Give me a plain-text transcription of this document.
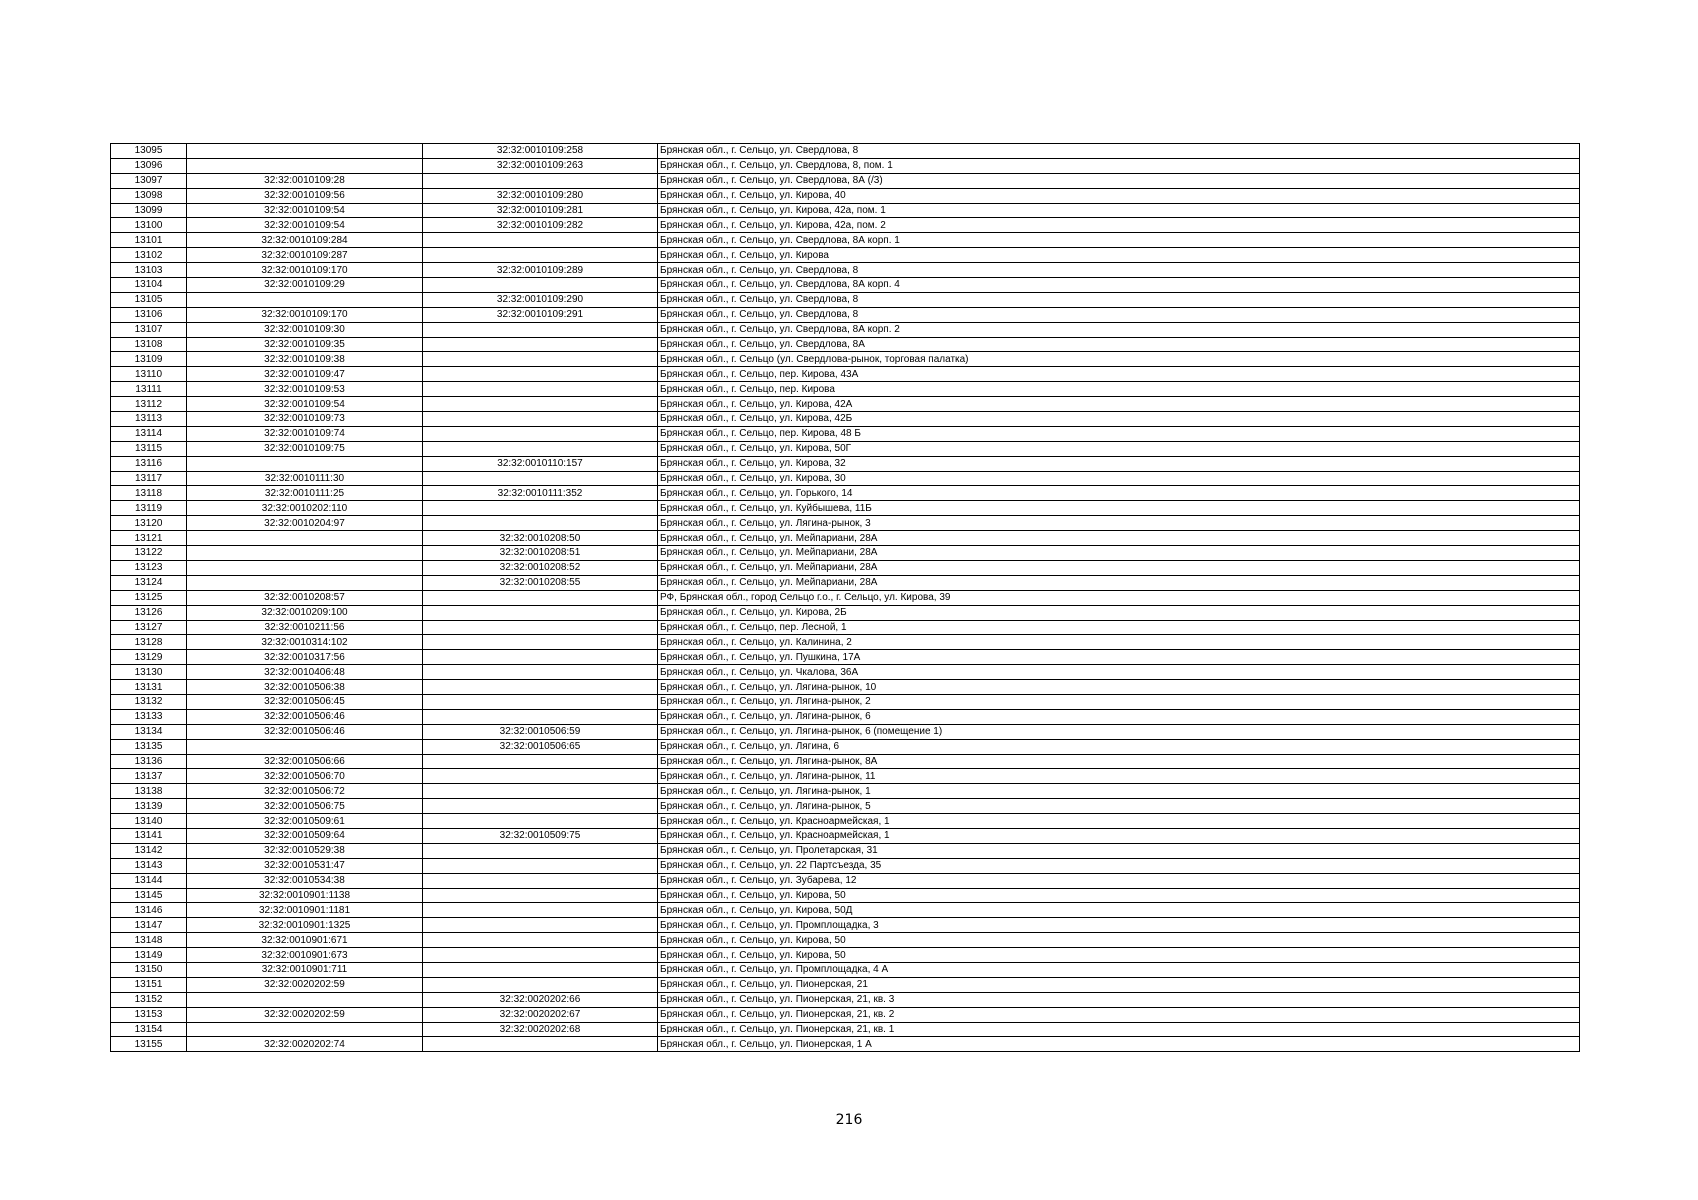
13095		32:32:0010109:258	Брянская обл., г. Сельцо, ул. Свердлова, 8
13096		32:32:0010109:263	Брянская обл., г. Сельцо, ул. Свердлова, 8, пом. 1
13097	32:32:0010109:28		Брянская обл., г. Сельцо, ул. Свердлова, 8А (/3)
13098	32:32:0010109:56	32:32:0010109:280	Брянская обл., г. Сельцо, ул. Кирова, 40
13099	32:32:0010109:54	32:32:0010109:281	Брянская обл., г. Сельцо, ул. Кирова, 42а, пом. 1
13100	32:32:0010109:54	32:32:0010109:282	Брянская обл., г. Сельцо, ул. Кирова, 42а, пом. 2
13101	32:32:0010109:284		Брянская обл., г. Сельцо, ул. Свердлова, 8А корп. 1
13102	32:32:0010109:287		Брянская обл., г. Сельцо, ул. Кирова
13103	32:32:0010109:170	32:32:0010109:289	Брянская обл., г. Сельцо, ул. Свердлова, 8
13104	32:32:0010109:29		Брянская обл., г. Сельцо, ул. Свердлова, 8А корп. 4
13105		32:32:0010109:290	Брянская обл., г. Сельцо, ул. Свердлова, 8
13106	32:32:0010109:170	32:32:0010109:291	Брянская обл., г. Сельцо, ул. Свердлова, 8
13107	32:32:0010109:30		Брянская обл., г. Сельцо, ул. Свердлова, 8А корп. 2
13108	32:32:0010109:35		Брянская обл., г. Сельцо, ул. Свердлова, 8А
13109	32:32:0010109:38		Брянская обл., г. Сельцо (ул. Свердлова-рынок, торговая палатка)
13110	32:32:0010109:47		Брянская обл., г. Сельцо, пер. Кирова, 43А
13111	32:32:0010109:53		Брянская обл., г. Сельцо, пер. Кирова
13112	32:32:0010109:54		Брянская обл., г. Сельцо, ул. Кирова, 42А
13113	32:32:0010109:73		Брянская обл., г. Сельцо, ул. Кирова, 42Б
13114	32:32:0010109:74		Брянская обл., г. Сельцо, пер. Кирова, 48 Б
13115	32:32:0010109:75		Брянская обл., г. Сельцо, ул. Кирова, 50Г
13116		32:32:0010110:157	Брянская обл., г. Сельцо, ул. Кирова, 32
13117	32:32:0010111:30		Брянская обл., г. Сельцо, ул. Кирова, 30
13118	32:32:0010111:25	32:32:0010111:352	Брянская обл., г. Сельцо, ул. Горького, 14
13119	32:32:0010202:110		Брянская обл., г. Сельцо, ул. Куйбышева, 11Б
13120	32:32:0010204:97		Брянская обл., г. Сельцо, ул. Лягина-рынок, 3
13121		32:32:0010208:50	Брянская обл., г. Сельцо, ул. Мейпариани, 28А
13122		32:32:0010208:51	Брянская обл., г. Сельцо, ул. Мейпариани, 28А
13123		32:32:0010208:52	Брянская обл., г. Сельцо, ул. Мейпариани, 28А
13124		32:32:0010208:55	Брянская обл., г. Сельцо, ул. Мейпариани, 28А
13125	32:32:0010208:57		РФ, Брянская обл., город Сельцо г.о., г. Сельцо, ул. Кирова, 39
13126	32:32:0010209:100		Брянская обл., г. Сельцо, ул. Кирова, 2Б
13127	32:32:0010211:56		Брянская обл., г. Сельцо, пер. Лесной, 1
13128	32:32:0010314:102		Брянская обл., г. Сельцо, ул. Калинина, 2
13129	32:32:0010317:56		Брянская обл., г. Сельцо, ул. Пушкина, 17А
13130	32:32:0010406:48		Брянская обл., г. Сельцо, ул. Чкалова, 36А
13131	32:32:0010506:38		Брянская обл., г. Сельцо, ул. Лягина-рынок, 10
13132	32:32:0010506:45		Брянская обл., г. Сельцо, ул. Лягина-рынок, 2
13133	32:32:0010506:46		Брянская обл., г. Сельцо, ул. Лягина-рынок, 6
13134	32:32:0010506:46	32:32:0010506:59	Брянская обл., г. Сельцо, ул. Лягина-рынок, 6 (помещение 1)
13135		32:32:0010506:65	Брянская обл., г. Сельцо, ул. Лягина, 6
13136	32:32:0010506:66		Брянская обл., г. Сельцо, ул. Лягина-рынок, 8А
13137	32:32:0010506:70		Брянская обл., г. Сельцо, ул. Лягина-рынок, 11
13138	32:32:0010506:72		Брянская обл., г. Сельцо, ул. Лягина-рынок, 1
13139	32:32:0010506:75		Брянская обл., г. Сельцо, ул. Лягина-рынок, 5
13140	32:32:0010509:61		Брянская обл., г. Сельцо, ул. Красноармейская, 1
13141	32:32:0010509:64	32:32:0010509:75	Брянская обл., г. Сельцо, ул. Красноармейская, 1
13142	32:32:0010529:38		Брянская обл., г. Сельцо, ул. Пролетарская, 31
13143	32:32:0010531:47		Брянская обл., г. Сельцо, ул. 22 Партсъезда, 35
13144	32:32:0010534:38		Брянская обл., г. Сельцо, ул. Зубарева, 12
13145	32:32:0010901:1138		Брянская обл., г. Сельцо, ул. Кирова, 50
13146	32:32:0010901:1181		Брянская обл., г. Сельцо, ул. Кирова, 50Д
13147	32:32:0010901:1325		Брянская обл., г. Сельцо, ул. Промплощадка, 3
13148	32:32:0010901:671		Брянская обл., г. Сельцо, ул. Кирова, 50
13149	32:32:0010901:673		Брянская обл., г. Сельцо, ул. Кирова, 50
13150	32:32:0010901:711		Брянская обл., г. Сельцо, ул. Промплощадка, 4 А
13151	32:32:0020202:59		Брянская обл., г. Сельцо, ул. Пионерская, 21
13152		32:32:0020202:66	Брянская обл., г. Сельцо, ул. Пионерская, 21, кв. 3
13153	32:32:0020202:59	32:32:0020202:67	Брянская обл., г. Сельцо, ул. Пионерская, 21, кв. 2
13154		32:32:0020202:68	Брянская обл., г. Сельцо, ул. Пионерская, 21, кв. 1
13155	32:32:0020202:74		Брянская обл., г. Сельцо, ул. Пионерская, 1 А
216
